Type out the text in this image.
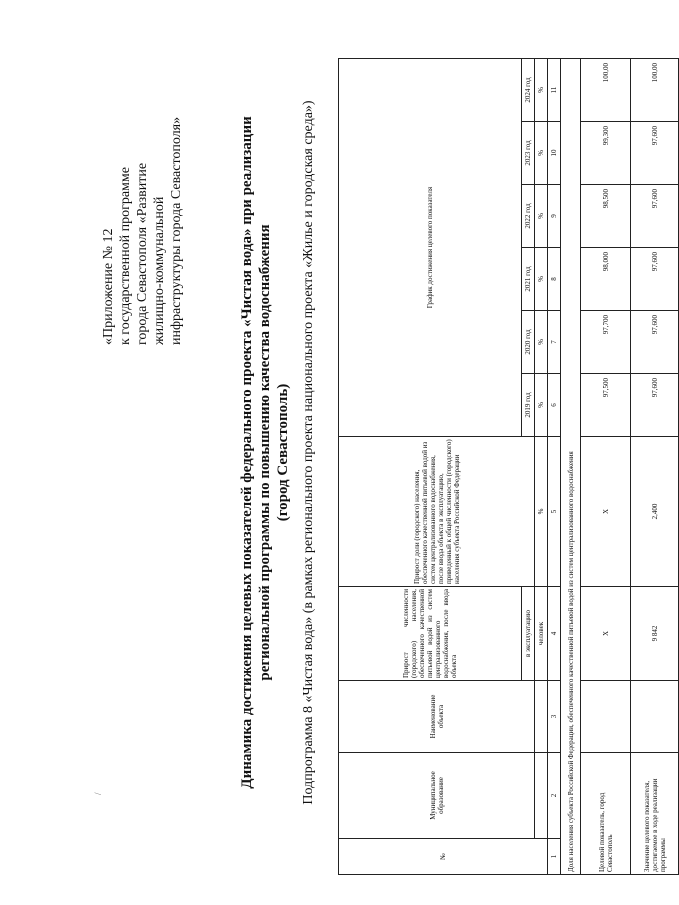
«Приложение № 12 к государственной программе города Севастополя «Развитие жилищно-коммунальной инфраструктуры города Севастополя»
/
Динамика достижения целевых показателей федерального проекта «Чистая вода» при реализации региональной программы по повышению качества водоснабжения (город Севастополь) Подпрограмма 8 «Чистая вода» (в рамках регионального проекта национального проекта «Жилье и городская среда»)
№	Муниципальное образование	Наименование объекта	Прирост численности (городского) населения, обеспеченного качественной питьевой водой из систем централизованного водоснабжения, после ввода объекта	Прирост доли (городского) населения, обеспеченного качественной питьевой водой из систем централизованного водоснабжения, после ввода объекта в эксплуатацию, приведенный к общей численности (городского) населения субъекта Российской Федерации	График достижения целевого показателя					
			в эксплуатацию		2019 год	2020 год	2021 год	2022 год	2023 год	2024 год
			человек	%	%	%	%	%	%	%
1	2	3	4	5	6	7	8	9	10	11
Доля населения субъекта Российской Федерации, обеспеченного качественной питьевой водой из систем централизованного водоснабжения										
Целевой показатель, город Севастополь			X	X	97,500	97,700	98,000	98,500	99,300	100,00
Значение целевого показателя, достигаемое в ходе реализации программы			9 842	2,400	97,600	97,600	97,600	97,600	97,600	100,00
